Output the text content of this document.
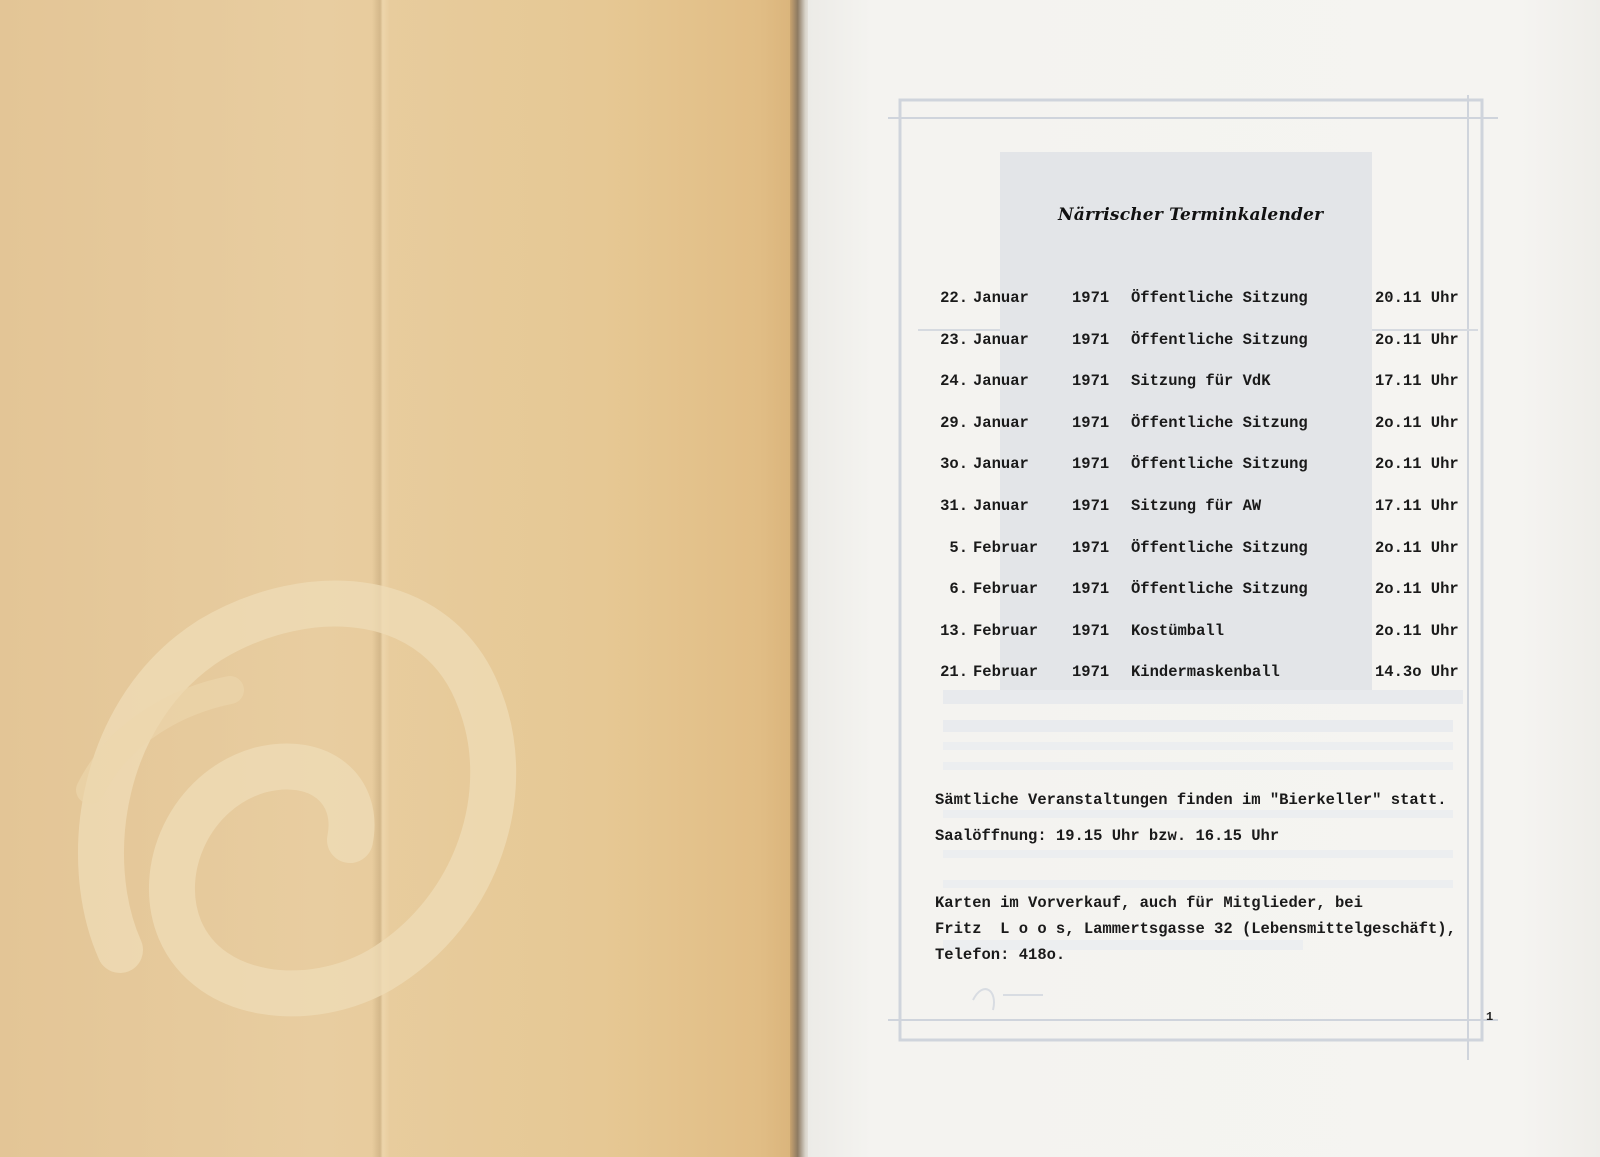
Närrischer Terminkalender
22. Januar	1971 Öffentliche Sitzung	20.11 Uhr
23. Januar	1971 Öffentliche Sitzung	2o.11 Uhr
24. Januar	1971 Sitzung für VdK	17.11 Uhr
29. Januar	1971 Öffentliche Sitzung	2o.11 Uhr
3o. Januar	1971 Öffentliche Sitzung	2o.11 Uhr
31. Januar	1971 Sitzung für AW	17.11 Uhr
5. Februar 1971 Öffentliche Sitzung	2o.11 Uhr
6. Februar 1971 Öffentliche Sitzung	2o.11 Uhr
13. Februar 1971 Kostümball	2o.11 Uhr
21. Februar 1971 Kindermaskenball	14.3o Uhr
Sämtliche Veranstaltungen finden im "Bierkeller" statt.
Saalöffnung: 19.15 Uhr bzw. 16.15 Uhr
Karten im Vorverkauf, auch für Mitglieder, bei
Fritz  L o o s, Lammertsgasse 32 (Lebensmittelgeschäft),
Telefon: 418o.
1
